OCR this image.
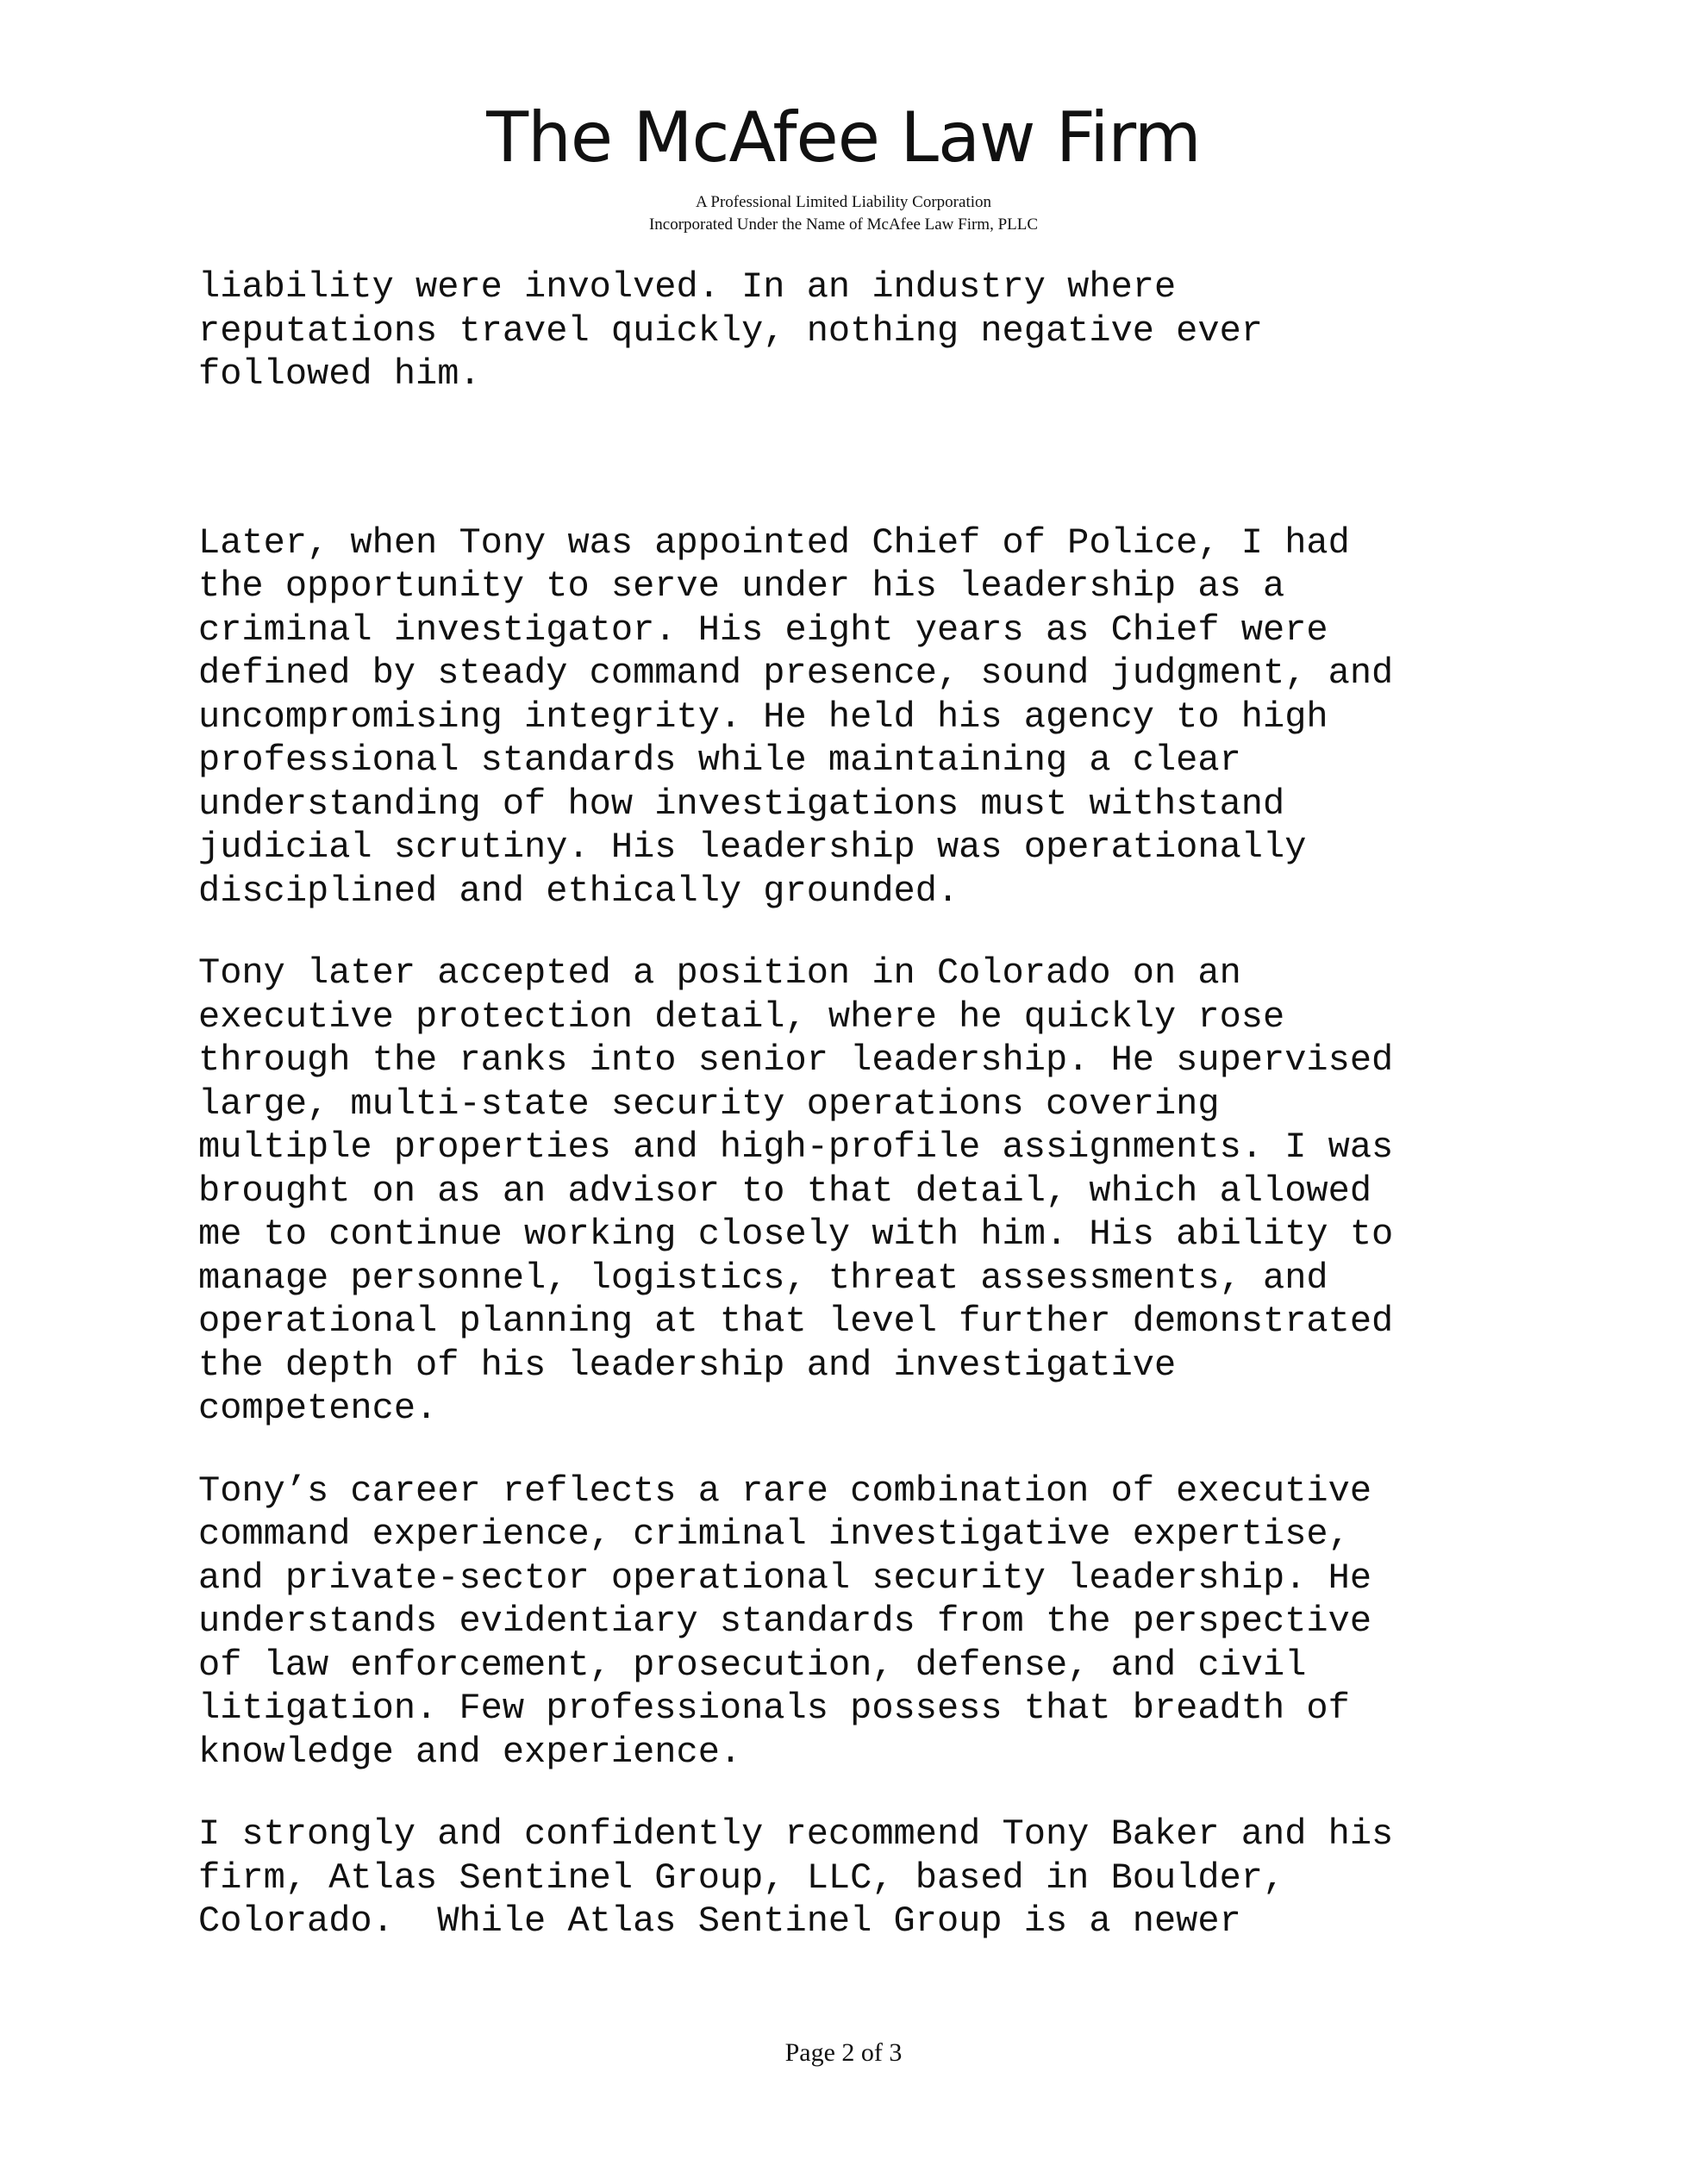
The McAfee Law Firm

A Professional Limited Liability Corporation

Incorporated Under the Name of McAfee Law Firm, PLLC

liability were involved. In an industry where
reputations travel quickly, nothing negative ever
followed him.

Later, when Tony was appointed Chief of Police, I had
the opportunity to serve under his leadership as a
criminal investigator. His eight years as Chief were
defined by steady command presence, sound judgment, and
uncompromising integrity. He held his agency to high
professional standards while maintaining a clear
understanding of how investigations must withstand
judicial scrutiny. His leadership was operationally
disciplined and ethically grounded.

Tony later accepted a position in Colorado on an
executive protection detail, where he quickly rose
through the ranks into senior leadership. He supervised
large, multi-state security operations covering
multiple properties and high-profile assignments. I was
brought on as an advisor to that detail, which allowed
me to continue working closely with him. His ability to
manage personnel, logistics, threat assessments, and
operational planning at that level further demonstrated
the depth of his leadership and investigative
competence.

Tony’s career reflects a rare combination of executive
command experience, criminal investigative expertise,
and private-sector operational security leadership. He
understands evidentiary standards from the perspective
of law enforcement, prosecution, defense, and civil
litigation. Few professionals possess that breadth of
knowledge and experience.

I strongly and confidently recommend Tony Baker and his
firm, Atlas Sentinel Group, LLC, based in Boulder,
Colorado.  While Atlas Sentinel Group is a newer

Page 2 of 3
